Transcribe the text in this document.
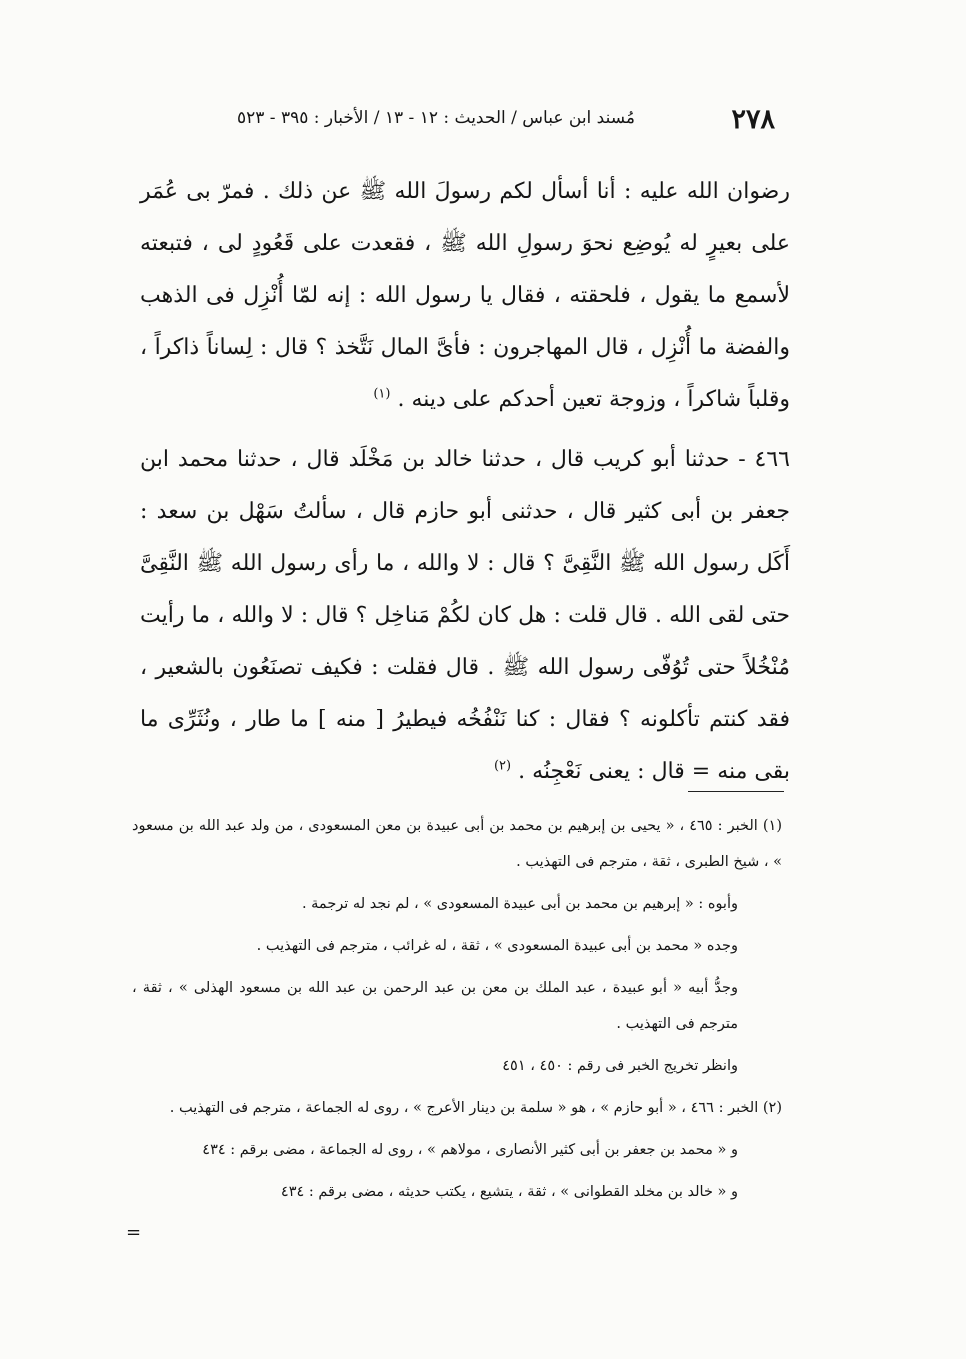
٢٧٨
مُسند ابن عباس / الحديث : ١٢ - ١٣ / الأخبار : ٣٩٥ - ٥٢٣

رضوان الله عليه : أنا أسأل لكم رسولَ الله ﷺ عن ذلك . فمرّ بى عُمَر على بعيرٍ له يُوضِع نحوَ رسولِ الله ﷺ ، فقعدت على قَعُودٍ لى ، فتبعته لأسمع ما يقول ، فلحقته ، فقال يا رسول الله : إنه لمّا أُنْزِل فى الذهب والفضة ما أُنْزِل ، قال المهاجرون : فأىَّ المال نَتَّخذ ؟ قال : لِساناً ذاكراً ، وقلباً شاكراً ، وزوجة تعين أحدكم على دينه . $^{(١)}$

٤٦٦ - حدثنا أبو كريب قال ، حدثنا خالد بن مَخْلَد قال ، حدثنا محمد ابن جعفر بن أبى كثير قال ، حدثنى أبو حازم قال ، سألتُ سَهْل بن سعد : أَكَل رسول الله ﷺ النَّقِىَّ ؟ قال : لا والله ، ما رأى رسول الله ﷺ النَّقِىَّ حتى لقى الله . قال قلت : هل كان لكُمْ مَناخِل ؟ قال : لا والله ، ما رأيت مُنْخُلاً حتى تُوُفّى رسول الله ﷺ . قال فقلت : فكيف تصنَعُون بالشعير ، فقد كنتم تأكلونه ؟ فقال : كنا نَنْفُخُه فيطيرُ [ منه ] ما طار ، ونُثَرِّى ما بقى منه = قال : يعنى نَعْجِنُه . $^{(٢)}$

(١) الخبر : ٤٦٥ ، « يحيى بن إبرهيم بن محمد بن أبى عبيدة بن معن المسعودى ، من ولد عبد الله بن مسعود » ، شيخ الطبرى ، ثقة ، مترجم فى التهذيب .

وأبوه : « إبرهيم بن محمد بن أبى عبيدة المسعودى » ، لم نجد له ترجمة .

وجده « محمد بن أبى عبيدة المسعودى » ، ثقة ، له غرائب ، مترجم فى التهذيب .

وجدُّ أبيه « أبو عبيدة ، عبد الملك بن معن بن عبد الرحمن بن عبد الله بن مسعود الهذلى » ، ثقة ، مترجم فى التهذيب .

وانظر تخريج الخبر فى رقم : ٤٥٠ ، ٤٥١

(٢) الخبر : ٤٦٦ ، « أبو حازم » ، هو « سلمة بن دينار الأعرج » ، روى له الجماعة ، مترجم فى التهذيب .

و « محمد بن جعفر بن أبى كثير الأنصارى ، مولاهم » ، روى له الجماعة ، مضى برقم : ٤٣٤

و « خالد بن مخلد القطوانى » ، ثقة ، يتشيع ، يكتب حديثه ، مضى برقم : ٤٣٤

=
